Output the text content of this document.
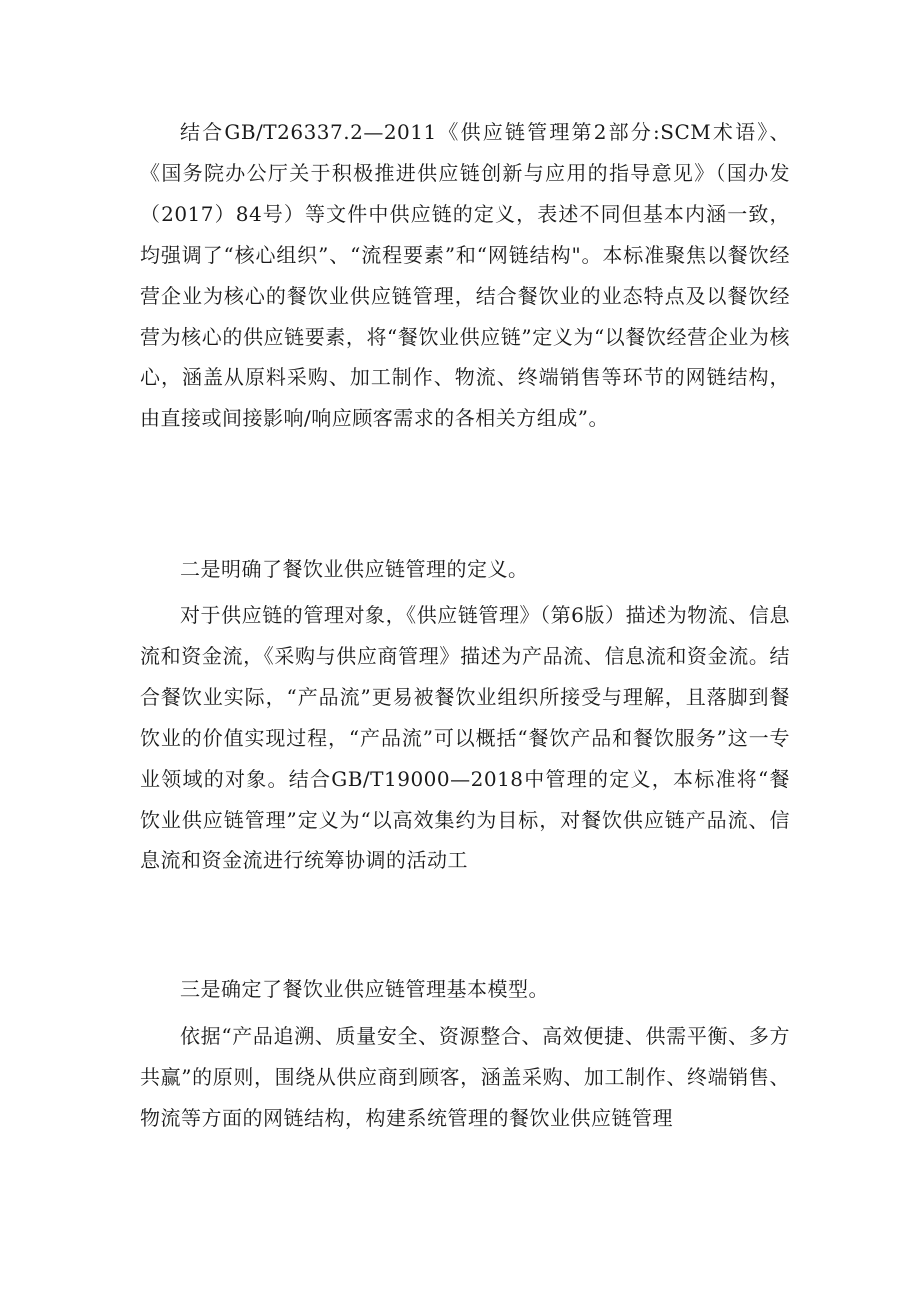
结合GB/T26337.2—2011《供应链管理第2部分:SCM术语》、《国务院办公厅关于积极推进供应链创新与应用的指导意见》（国办发（2017）84号）等文件中供应链的定义，表述不同但基本内涵一致，均强调了“核心组织”、“流程要素”和“网链结构"。本标准聚焦以餐饮经营企业为核心的餐饮业供应链管理，结合餐饮业的业态特点及以餐饮经营为核心的供应链要素，将“餐饮业供应链”定义为“以餐饮经营企业为核心，涵盖从原料采购、加工制作、物流、终端销售等环节的网链结构，由直接或间接影响/响应顾客需求的各相关方组成”。

二是明确了餐饮业供应链管理的定义。

对于供应链的管理对象，《供应链管理》（第6版）描述为物流、信息流和资金流，《采购与供应商管理》描述为产品流、信息流和资金流。结合餐饮业实际，“产品流”更易被餐饮业组织所接受与理解，且落脚到餐饮业的价值实现过程，“产品流”可以概括“餐饮产品和餐饮服务”这一专业领域的对象。结合GB/T19000—2018中管理的定义，本标准将“餐饮业供应链管理”定义为“以高效集约为目标，对餐饮供应链产品流、信息流和资金流进行统筹协调的活动工

三是确定了餐饮业供应链管理基本模型。

依据“产品追溯、质量安全、资源整合、高效便捷、供需平衡、多方共赢”的原则，围绕从供应商到顾客，涵盖采购、加工制作、终端销售、物流等方面的网链结构，构建系统管理的餐饮业供应链管理
